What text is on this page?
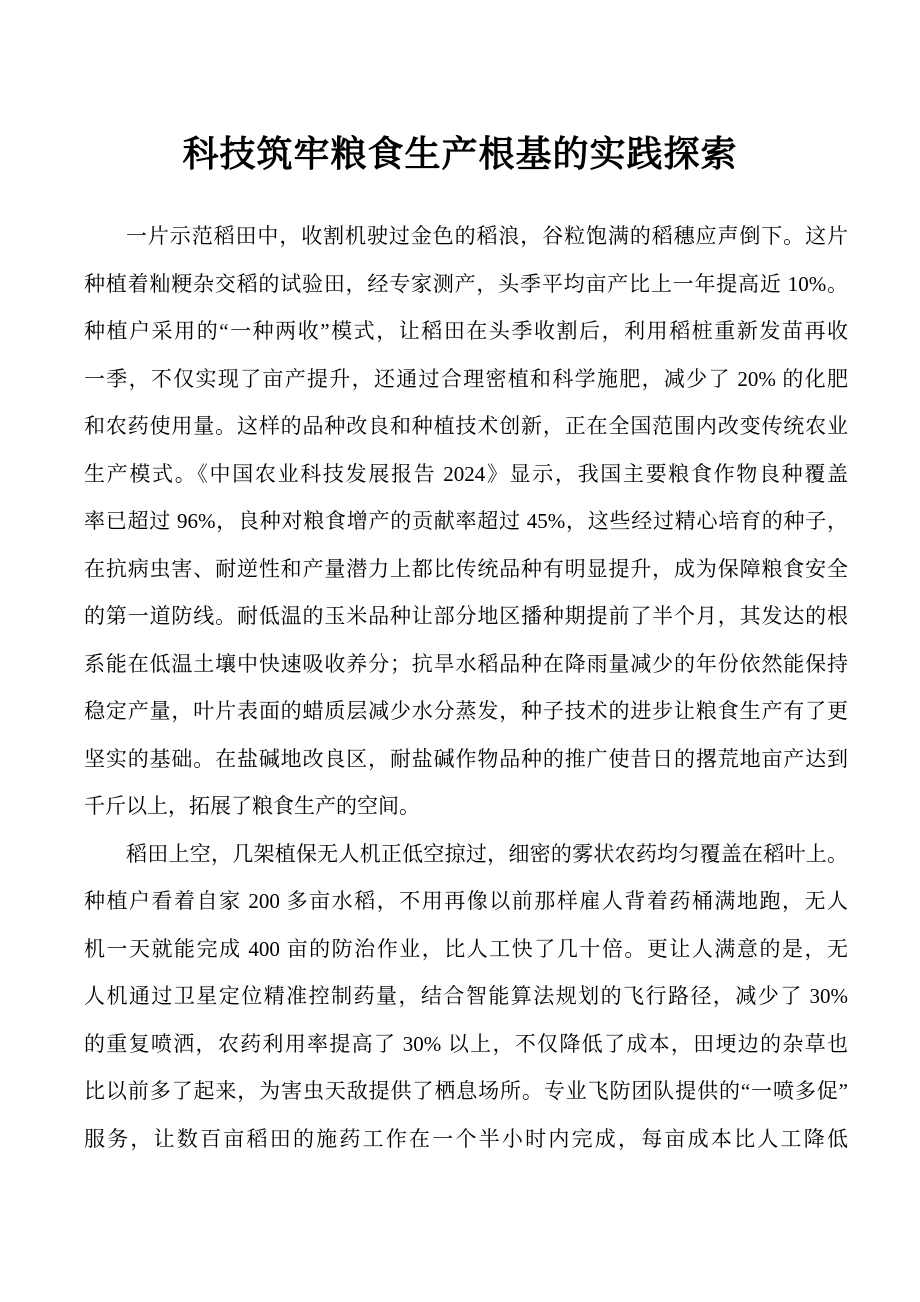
科技筑牢粮食生产根基的实践探索
一片示范稻田中，收割机驶过金色的稻浪，谷粒饱满的稻穗应声倒下。这片
种植着籼粳杂交稻的试验田，经专家测产，头季平均亩产比上一年提高近 10%。
种植户采用的“一种两收”模式，让稻田在头季收割后，利用稻桩重新发苗再收
一季，不仅实现了亩产提升，还通过合理密植和科学施肥，减少了 20% 的化肥
和农药使用量。这样的品种改良和种植技术创新，正在全国范围内改变传统农业
生产模式。《中国农业科技发展报告 2024》显示，我国主要粮食作物良种覆盖
率已超过 96%，良种对粮食增产的贡献率超过 45%，这些经过精心培育的种子，
在抗病虫害、耐逆性和产量潜力上都比传统品种有明显提升，成为保障粮食安全
的第一道防线。耐低温的玉米品种让部分地区播种期提前了半个月，其发达的根
系能在低温土壤中快速吸收养分；抗旱水稻品种在降雨量减少的年份依然能保持
稳定产量，叶片表面的蜡质层减少水分蒸发，种子技术的进步让粮食生产有了更
坚实的基础。在盐碱地改良区，耐盐碱作物品种的推广使昔日的撂荒地亩产达到
千斤以上，拓展了粮食生产的空间。
稻田上空，几架植保无人机正低空掠过，细密的雾状农药均匀覆盖在稻叶上。
种植户看着自家 200 多亩水稻，不用再像以前那样雇人背着药桶满地跑，无人
机一天就能完成 400 亩的防治作业，比人工快了几十倍。更让人满意的是，无
人机通过卫星定位精准控制药量，结合智能算法规划的飞行路径，减少了 30%
的重复喷洒，农药利用率提高了 30% 以上，不仅降低了成本，田埂边的杂草也
比以前多了起来，为害虫天敌提供了栖息场所。专业飞防团队提供的“一喷多促”
服务，让数百亩稻田的施药工作在一个半小时内完成，每亩成本比人工降低
